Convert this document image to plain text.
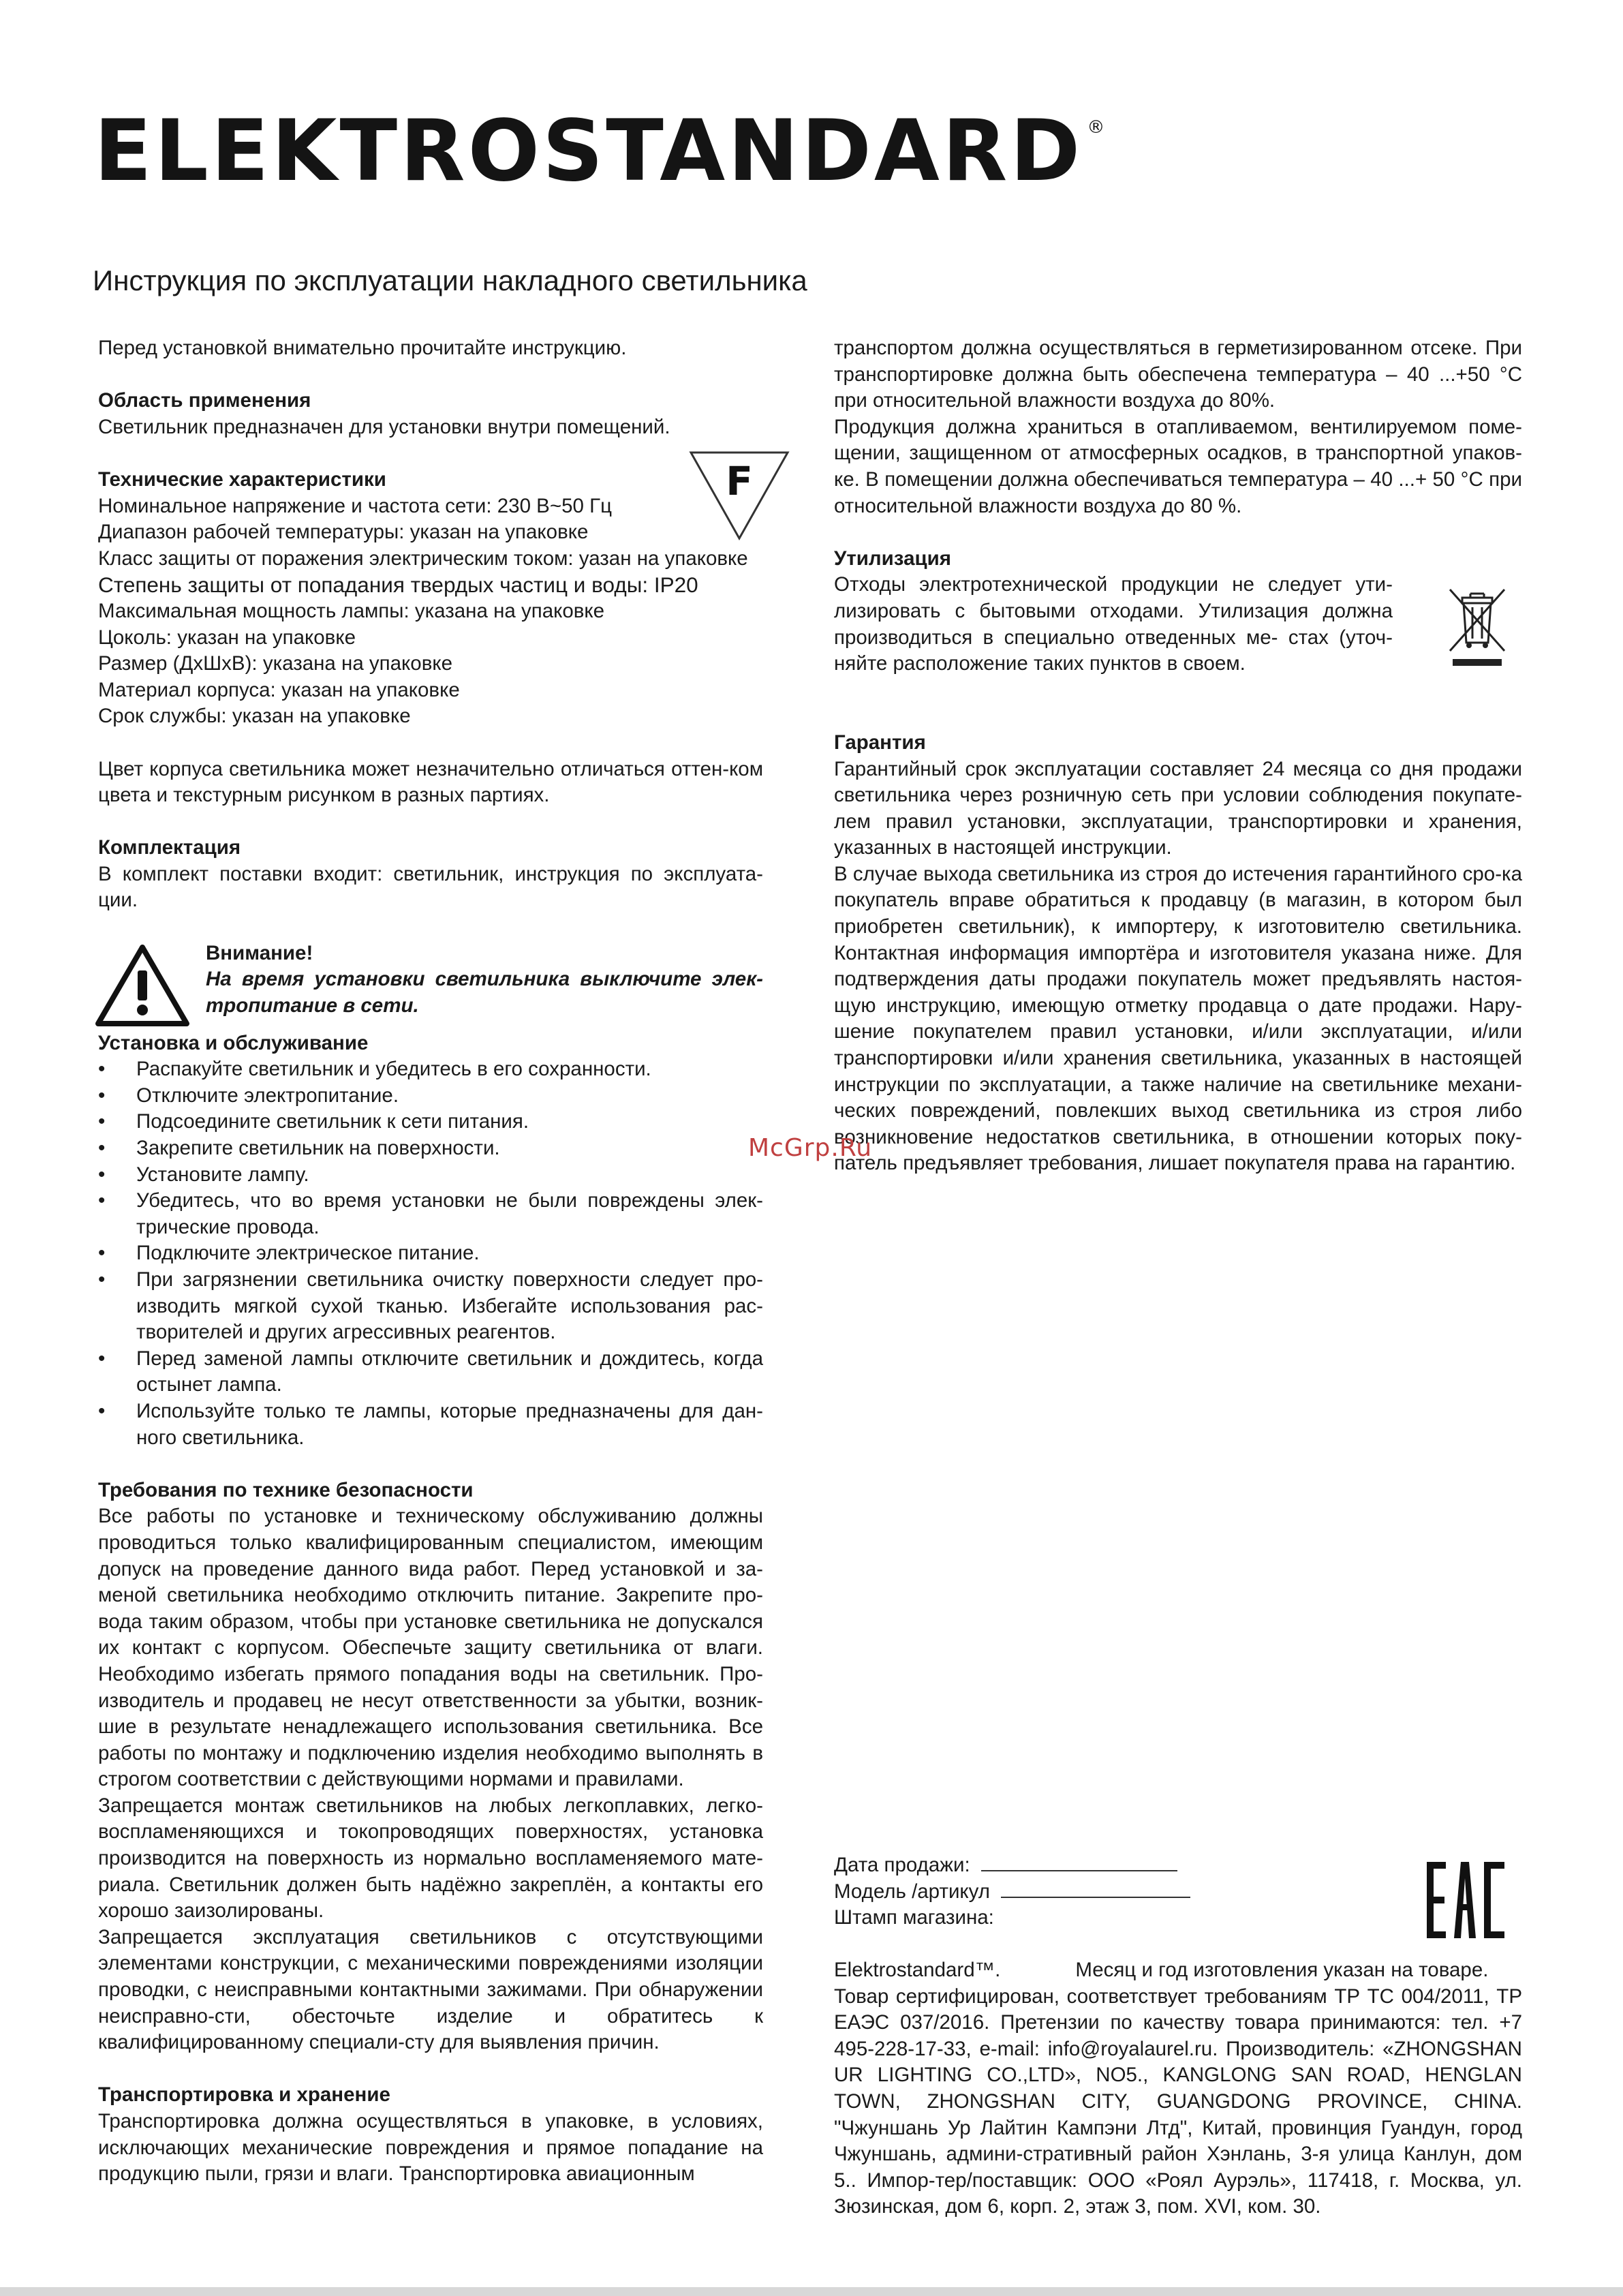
ELEKTROSTANDARD ®
Инструкция по эксплуатации накладного светильника
F

Перед установкой внимательно прочитайте инструкцию.

Область применения

Светильник предназначен для установки внутри помещений.

Технические характеристики

Номинальное напряжение и частота сети: 230 В~50 Гц

Диапазон рабочей температуры: указан на упаковке

Класс защиты от поражения электрическим током: уазан на упаковке

Степень защиты от попадания твердых частиц и воды: IP20

Максимальная мощность лампы: указана на упаковке

Цоколь: указан на упаковке

Размер (ДхШхВ): указана на упаковке

Материал корпуса: указан на упаковке

Срок службы: указан на упаковке

Цвет корпуса светильника может незначительно отличаться оттен-ком цвета и текстурным рисунком в разных партиях.

Комплектация

В комплект поставки входит: светильник, инструкция по эксплуата-ции.

Внимание!

На время установки светильника выключите элек-тропитание в сети.

Установка и обслуживание

• Распакуйте светильник и убедитесь в его сохранности.
• Отключите электропитание.
• Подсоедините светильник к сети питания.
• Закрепите светильник на поверхности.
• Установите лампу.
• Убедитесь, что во время установки не были повреждены элек-трические провода.
• Подключите электрическое питание.
• При загрязнении светильника очистку поверхности следует про-изводить мягкой сухой тканью. Избегайте использования рас-творителей и других агрессивных реагентов.
• Перед заменой лампы отключите светильник и дождитесь, когда остынет лампа.
• Используйте только те лампы, которые предназначены для дан-ного светильника.

Требования по технике безопасности

Все работы по установке и техническому обслуживанию должны проводиться только квалифицированным специалистом, имеющим допуск на проведение данного вида работ. Перед установкой и за-меной светильника необходимо отключить питание. Закрепите про-вода таким образом, чтобы при установке светильника не допускался их контакт с корпусом. Обеспечьте защиту светильника от влаги. Необходимо избегать прямого попадания воды на светильник. Про-изводитель и продавец не несут ответственности за убытки, возник-шие в результате ненадлежащего использования светильника. Все работы по монтажу и подключению изделия необходимо выполнять в строгом соответствии с действующими нормами и правилами.

Запрещается монтаж светильников на любых легкоплавких, легко-воспламеняющихся и токопроводящих поверхностях, установка производится на поверхность из нормально воспламеняемого мате-риала. Светильник должен быть надёжно закреплён, а контакты его хорошо заизолированы.

Запрещается эксплуатация светильников с отсутствующими элементами конструкции, с механическими повреждениями изоляции проводки, с неисправными контактными зажимами. При обнаружении неисправно-сти, обесточьте изделие и обратитесь к квалифицированному специали-сту для выявления причин.

Транспортировка и хранение

Транспортировка должна осуществляться в упаковке, в условиях, исключающих механические повреждения и прямое попадание на продукцию пыли, грязи и влаги. Транспортировка авиационным

транспортом должна осуществляться в герметизированном отсеке. При транспортировке должна быть обеспечена температура – 40 ...+50 °С при относительной влажности воздуха до 80%.

Продукция должна храниться в отапливаемом, вентилируемом поме-щении, защищенном от атмосферных осадков, в транспортной упаков-ке. В помещении должна обеспечиваться температура – 40 ...+ 50 °С при относительной влажности воздуха до 80 %.

Утилизация

Отходы электротехнической продукции не следует ути-лизировать с бытовыми отходами. Утилизация должна производиться в специально отведенных ме- стах (уточ-няйте расположение таких пунктов в своем.

Гарантия

Гарантийный срок эксплуатации составляет 24 месяца со дня продажи светильника через розничную сеть при условии соблюдения покупате-лем правил установки, эксплуатации, транспортировки и хранения, указанных в настоящей инструкции.

В случае выхода светильника из строя до истечения гарантийного сро-ка покупатель вправе обратиться к продавцу (в магазин, в котором был приобретен светильник), к импортеру, к изготовителю светильника. Контактная информация импортёра и изготовителя указана ниже. Для подтверждения даты продажи покупатель может предъявлять настоя-щую инструкцию, имеющую отметку продавца о дате продажи. Нару-шение покупателем правил установки, и/или эксплуатации, и/или транспортировки и/или хранения светильника, указанных в настоящей инструкции по эксплуатации, а также наличие на светильнике механи-ческих повреждений, повлекших выход светильника из строя либо возникновение недостатков светильника, в отношении которых поку-патель предъявляет требования, лишает покупателя права на гарантию.

Дата продажи:
Модель /артикул
Штамп магазина:

Elektrostandard™.	Месяц и год изготовления указан на товаре.

Товар сертифицирован, соответствует требованиям ТР ТС 004/2011, ТР ЕАЭС 037/2016. Претензии по качеству товара принимаются: тел. +7 495-228-17-33, e-mail: info@royalaurel.ru. Производитель: «ZHONGSHAN UR LIGHTING CO.,LTD», NO5., KANGLONG SAN ROAD, HENGLAN TOWN, ZHONGSHAN CITY, GUANGDONG PROVINCE, CHINA. "Чжуншань Ур Лайтин Кампэни Лтд", Китай, провинция Гуандун, город Чжуншань, админи-стративный район Хэнлань, 3-я улица Канлун, дом 5.. Импор-тер/поставщик: ООО «Роял Аурэль», 117418, г. Москва, ул. Зюзинская, дом 6, корп. 2, этаж 3, пом. XVI, ком. 30.

McGrp.Ru
